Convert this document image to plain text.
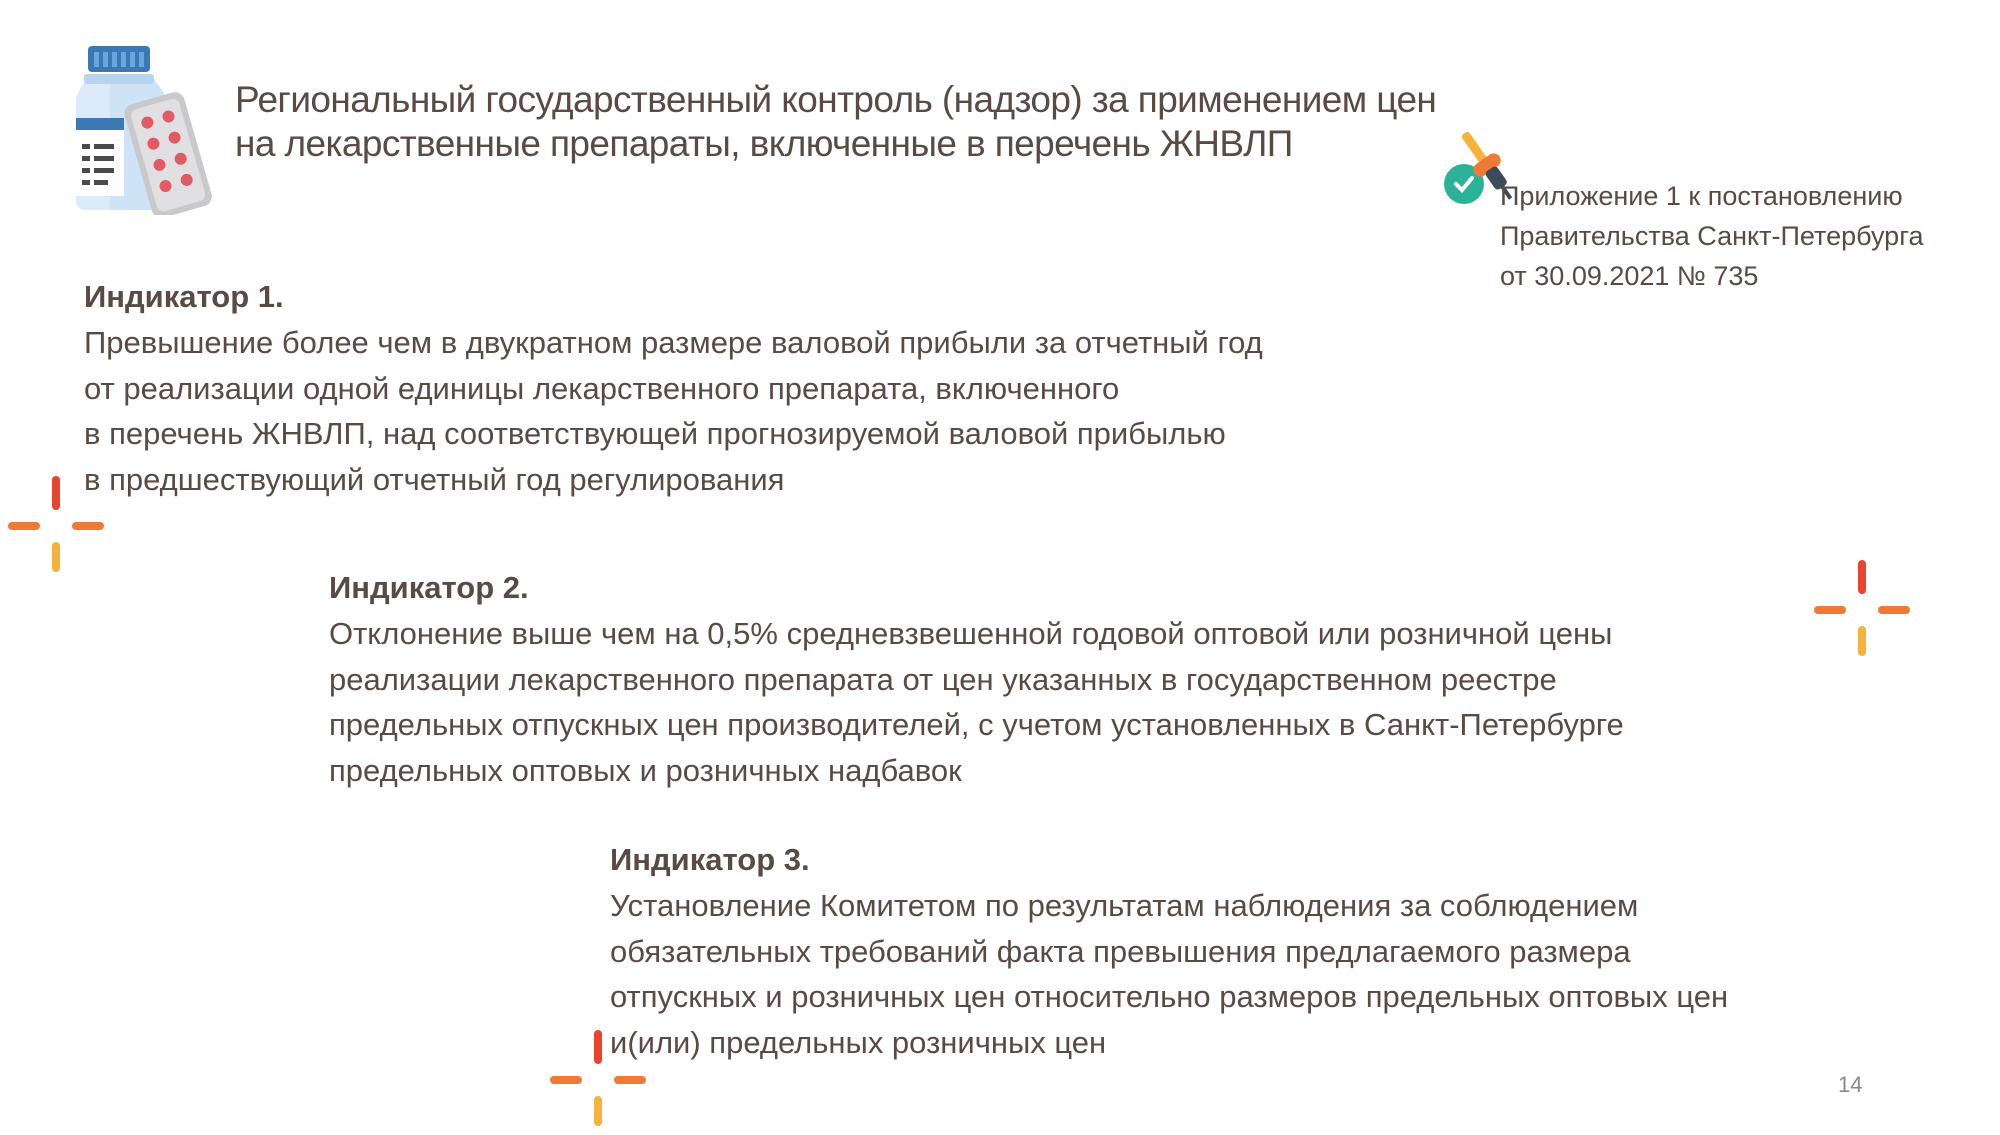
Региональный государственный контроль (надзор) за применением цен
на лекарственные препараты, включенные в перечень ЖНВЛП
Приложение 1 к постановлению
Правительства Санкт-Петербурга
от 30.09.2021 № 735
Индикатор 1.
Превышение более чем в двукратном размере валовой прибыли за отчетный год
от реализации одной единицы лекарственного препарата, включенного
в перечень ЖНВЛП, над соответствующей прогнозируемой валовой прибылью
в предшествующий отчетный год регулирования
Индикатор 2.
Отклонение выше чем на 0,5% средневзвешенной годовой оптовой или розничной цены
реализации лекарственного препарата от цен указанных в государственном реестре
предельных отпускных цен производителей, с учетом установленных в Санкт-Петербурге
предельных оптовых и розничных надбавок
Индикатор 3.
Установление Комитетом по результатам наблюдения за соблюдением
обязательных требований факта превышения предлагаемого размера
отпускных и розничных цен относительно размеров предельных оптовых цен
и(или) предельных розничных цен
14
